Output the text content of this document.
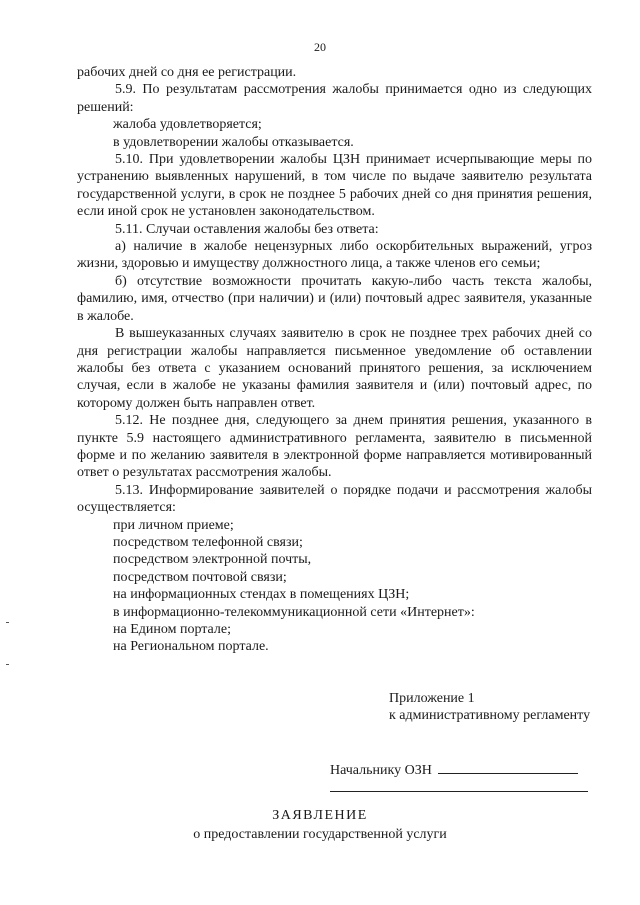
20

рабочих дней со дня ее регистрации.

5.9. По результатам рассмотрения жалобы принимается одно из следующих решений:

жалоба удовлетворяется;

в удовлетворении жалобы отказывается.

5.10. При удовлетворении жалобы ЦЗН принимает исчерпывающие меры по устранению выявленных нарушений, в том числе по выдаче заявителю результата государственной услуги, в срок не позднее 5 рабочих дней со дня принятия решения, если иной срок не установлен законодательством.

5.11. Случаи оставления жалобы без ответа:

а) наличие в жалобе нецензурных либо оскорбительных выражений, угроз жизни, здоровью и имуществу должностного лица, а также членов его семьи;

б) отсутствие возможности прочитать какую-либо часть текста жалобы, фамилию, имя, отчество (при наличии) и (или) почтовый адрес заявителя, указанные в жалобе.

В вышеуказанных случаях заявителю в срок не позднее трех рабочих дней со дня регистрации жалобы направляется письменное уведомление об оставлении жалобы без ответа с указанием оснований принятого решения, за исключением случая, если в жалобе не указаны фамилия заявителя и (или) почтовый адрес, по которому должен быть направлен ответ.

5.12. Не позднее дня, следующего за днем принятия решения, указанного в пункте 5.9 настоящего административного регламента, заявителю в письменной форме и по желанию заявителя в электронной форме направляется мотивированный ответ о результатах рассмотрения жалобы.

5.13. Информирование заявителей о порядке подачи и рассмотрения жалобы осуществляется:

при личном приеме;

посредством телефонной связи;

посредством электронной почты,

посредством почтовой связи;

на информационных стендах в помещениях ЦЗН;

в информационно-телекоммуникационной сети «Интернет»:

на Едином портале;

на Региональном портале.

Приложение 1

к административному регламенту

Начальнику ОЗН
ЗАЯВЛЕНИЕ
о предоставлении государственной услуги
